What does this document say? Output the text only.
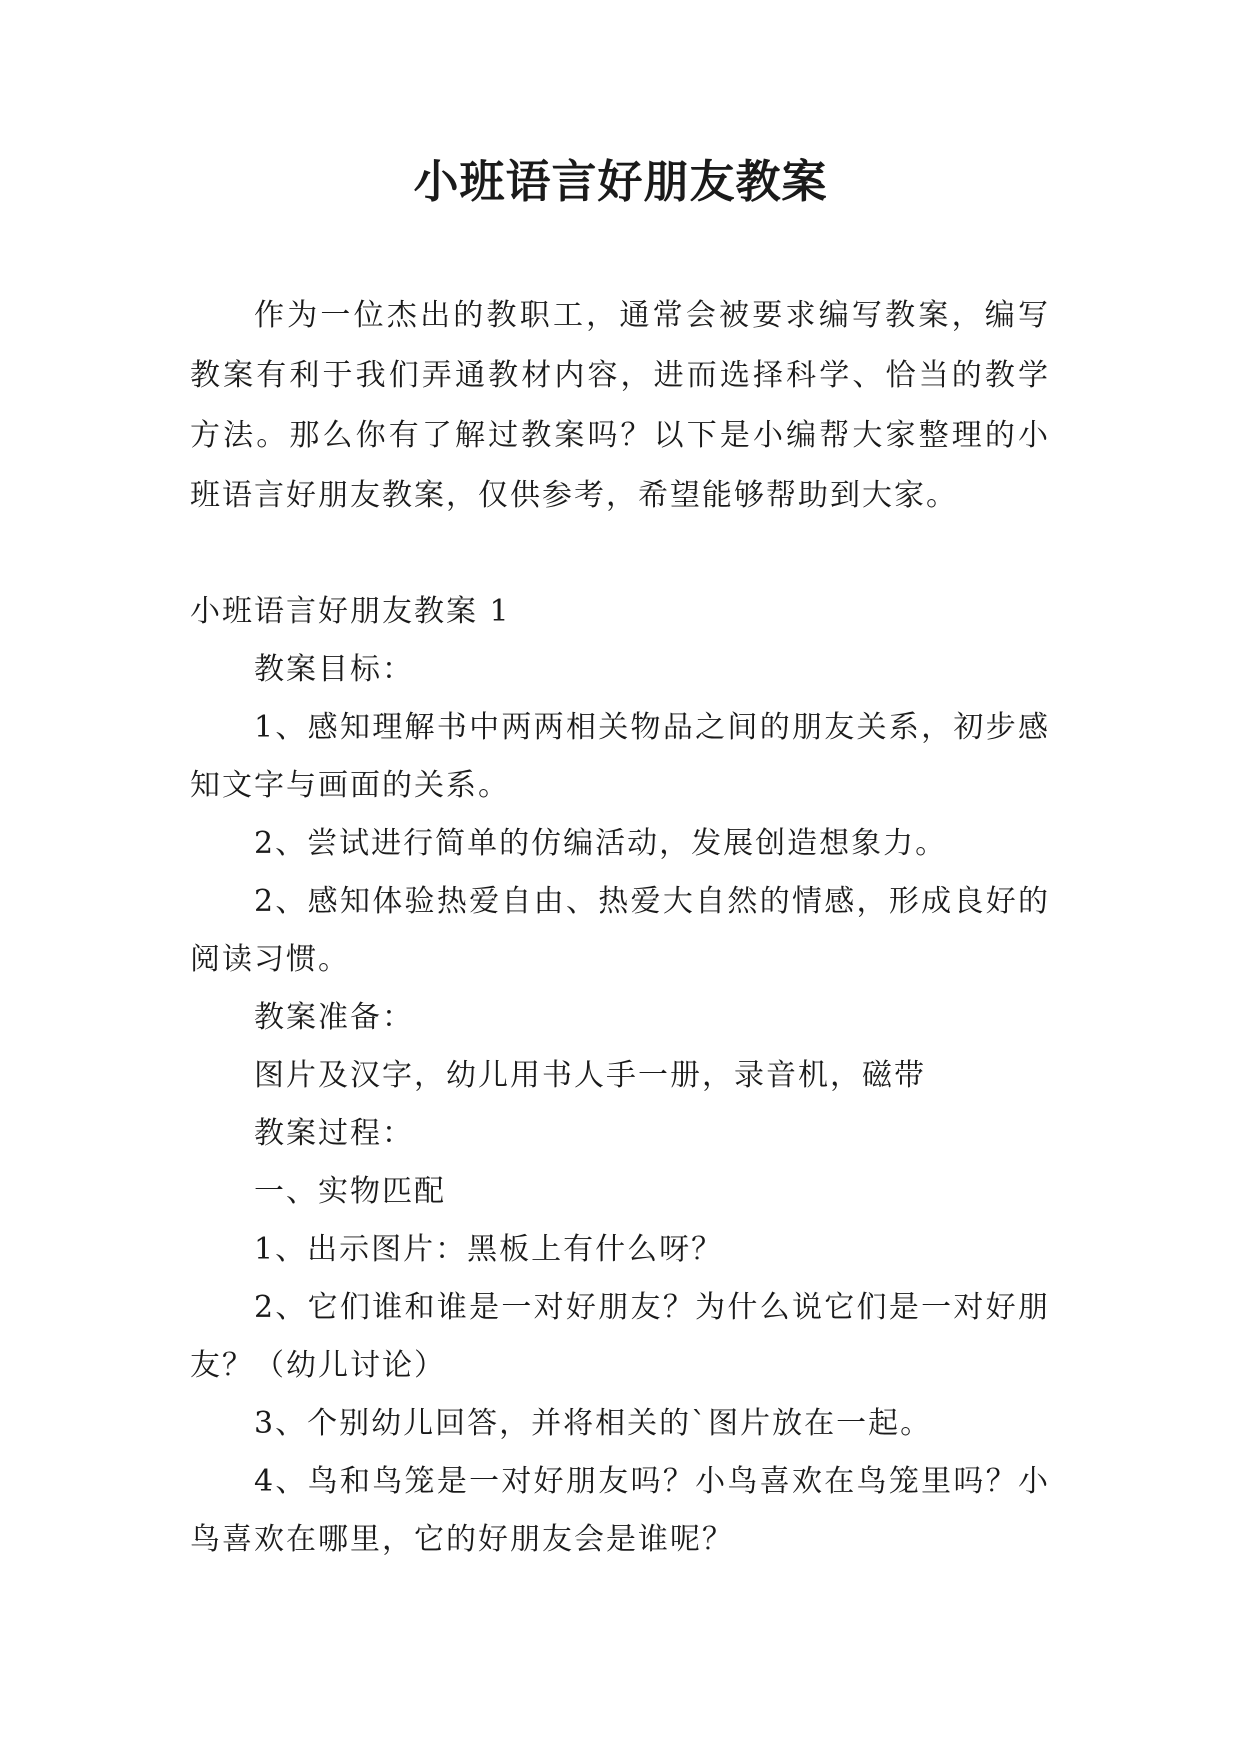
小班语言好朋友教案

作为一位杰出的教职工，通常会被要求编写教案，编写教案有利于我们弄通教材内容，进而选择科学、恰当的教学方法。那么你有了解过教案吗？以下是小编帮大家整理的小班语言好朋友教案，仅供参考，希望能够帮助到大家。

小班语言好朋友教案 1

教案目标：

1、感知理解书中两两相关物品之间的朋友关系，初步感知文字与画面的关系。

2、尝试进行简单的仿编活动，发展创造想象力。

2、感知体验热爱自由、热爱大自然的情感，形成良好的阅读习惯。

教案准备：

图片及汉字，幼儿用书人手一册，录音机，磁带

教案过程：

一、实物匹配

1、出示图片：黑板上有什么呀？

2、它们谁和谁是一对好朋友？为什么说它们是一对好朋友？（幼儿讨论）

3、个别幼儿回答，并将相关的`图片放在一起。

4、鸟和鸟笼是一对好朋友吗？小鸟喜欢在鸟笼里吗？小鸟喜欢在哪里，它的好朋友会是谁呢？
